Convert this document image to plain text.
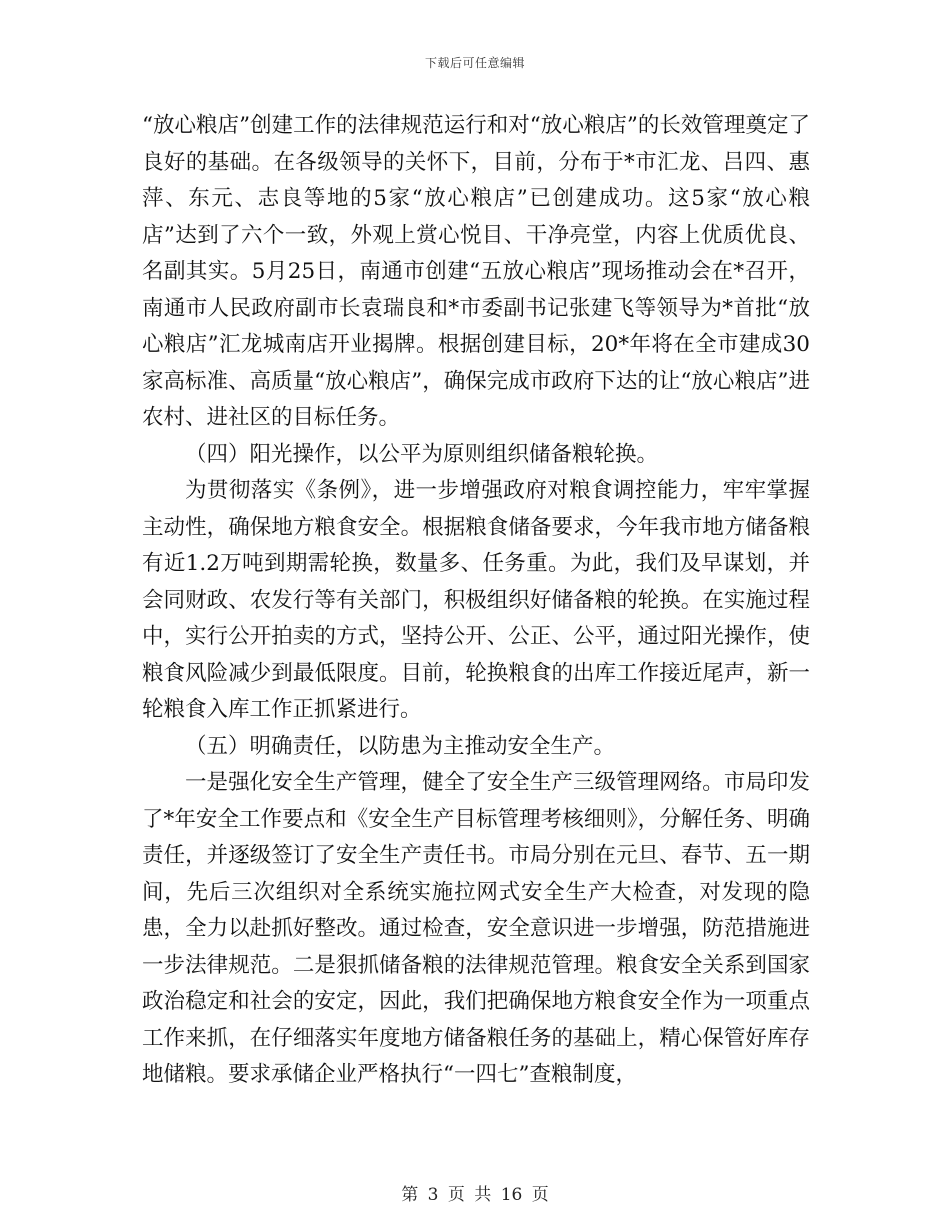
下载后可任意编辑

“放心粮店”创建工作的法律规范运行和对“放心粮店”的长效管理奠定了良好的基础。在各级领导的关怀下，目前，分布于*市汇龙、吕四、惠萍、东元、志良等地的5家“放心粮店”已创建成功。这5家“放心粮店”达到了六个一致，外观上赏心悦目、干净亮堂，内容上优质优良、名副其实。5月25日，南通市创建“五放心粮店”现场推动会在*召开，南通市人民政府副市长袁瑞良和*市委副书记张建飞等领导为*首批“放心粮店”汇龙城南店开业揭牌。根据创建目标，20*年将在全市建成30家高标准、高质量“放心粮店”，确保完成市政府下达的让“放心粮店”进农村、进社区的目标任务。

（四）阳光操作，以公平为原则组织储备粮轮换。

为贯彻落实《条例》，进一步增强政府对粮食调控能力，牢牢掌握主动性，确保地方粮食安全。根据粮食储备要求，今年我市地方储备粮有近1.2万吨到期需轮换，数量多、任务重。为此，我们及早谋划，并会同财政、农发行等有关部门，积极组织好储备粮的轮换。在实施过程中，实行公开拍卖的方式，坚持公开、公正、公平，通过阳光操作，使粮食风险减少到最低限度。目前，轮换粮食的出库工作接近尾声，新一轮粮食入库工作正抓紧进行。

（五）明确责任，以防患为主推动安全生产。

一是强化安全生产管理，健全了安全生产三级管理网络。市局印发了*年安全工作要点和《安全生产目标管理考核细则》，分解任务、明确责任，并逐级签订了安全生产责任书。市局分别在元旦、春节、五一期间，先后三次组织对全系统实施拉网式安全生产大检查，对发现的隐患，全力以赴抓好整改。通过检查，安全意识进一步增强，防范措施进一步法律规范。二是狠抓储备粮的法律规范管理。粮食安全关系到国家政治稳定和社会的安定，因此，我们把确保地方粮食安全作为一项重点工作来抓，在仔细落实年度地方储备粮任务的基础上，精心保管好库存地储粮。要求承储企业严格执行“一四七”查粮制度，

第 3 页 共 16 页
